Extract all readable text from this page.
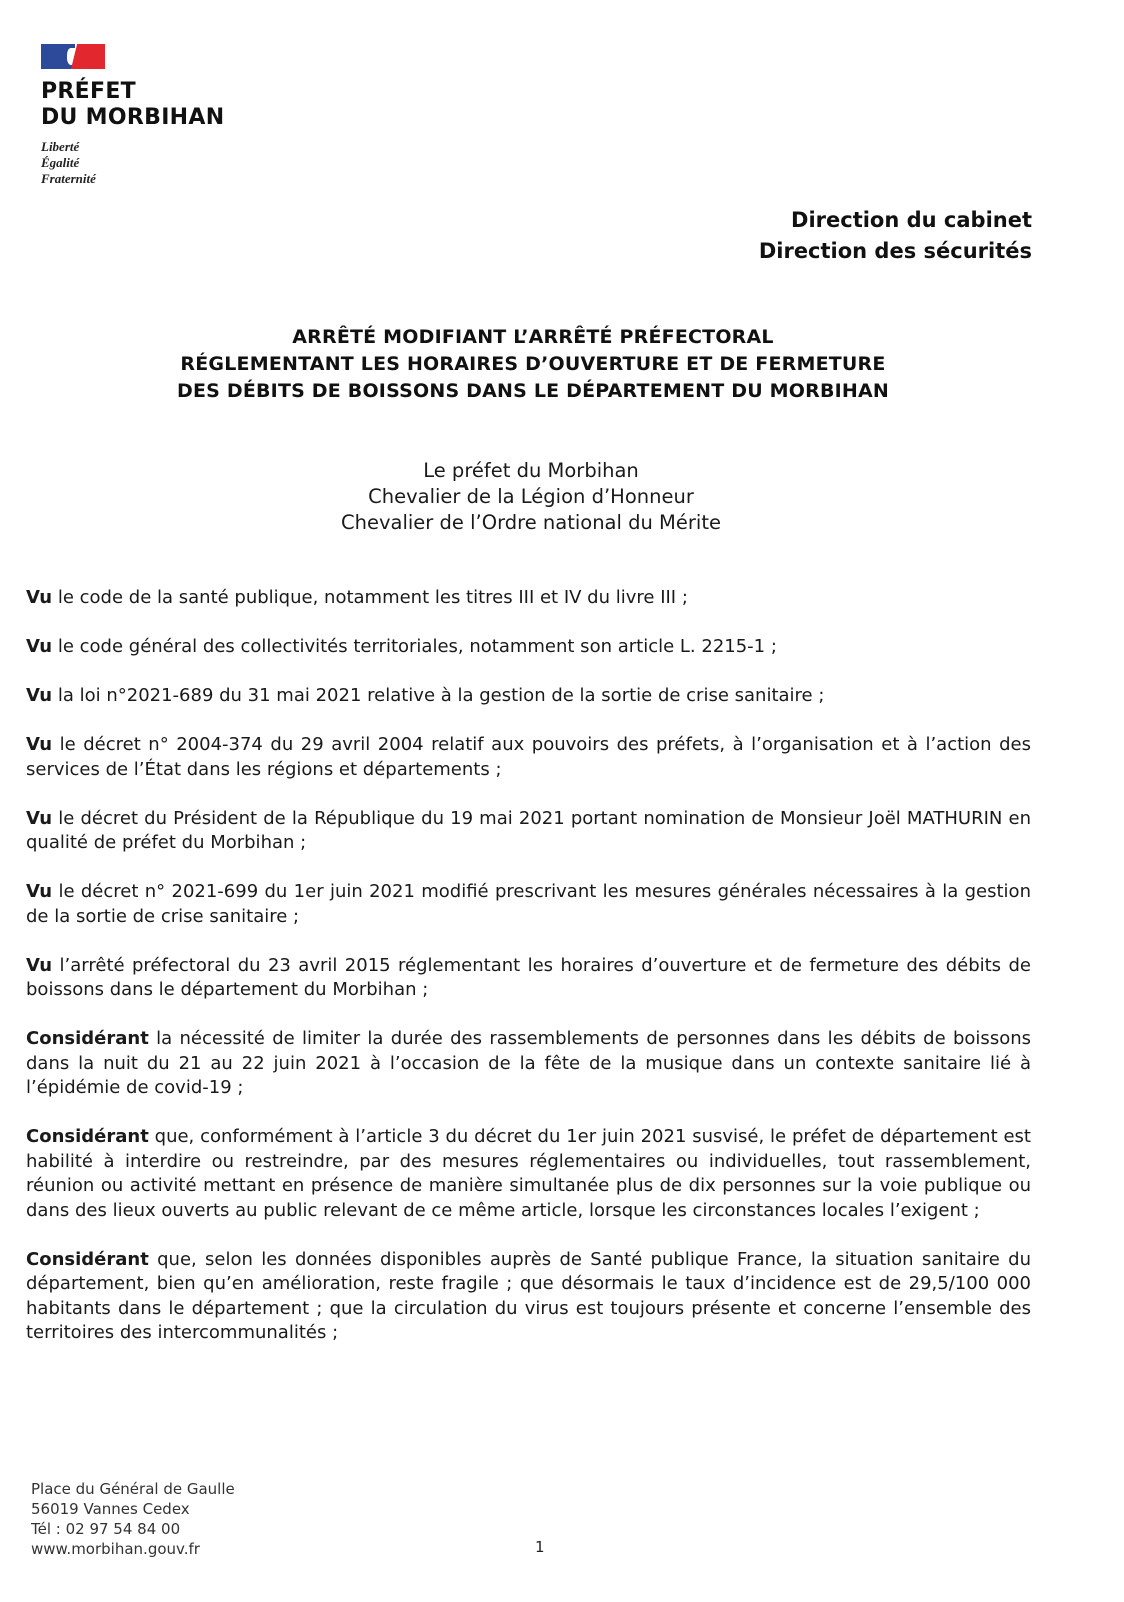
PRÉFET
DU MORBIHAN
Liberté
Égalité
Fraternité
Direction du cabinet
Direction des sécurités
ARRÊTÉ MODIFIANT L’ARRÊTÉ PRÉFECTORAL
RÉGLEMENTANT LES HORAIRES D’OUVERTURE ET DE FERMETURE
DES DÉBITS DE BOISSONS DANS LE DÉPARTEMENT DU MORBIHAN
Le préfet du Morbihan
Chevalier de la Légion d’Honneur
Chevalier de l’Ordre national du Mérite

Vu le code de la santé publique, notamment les titres III et IV du livre III ;

Vu le code général des collectivités territoriales, notamment son article L. 2215-1 ;

Vu la loi n°2021-689 du 31 mai 2021 relative à la gestion de la sortie de crise sanitaire ;

Vu le décret n° 2004-374 du 29 avril 2004 relatif aux pouvoirs des préfets, à l’organisation et à l’action des services de l’État dans les régions et départements ;

Vu le décret du Président de la République du 19 mai 2021 portant nomination de Monsieur Joël MATHURIN en qualité de préfet du Morbihan ;

Vu le décret n° 2021-699 du 1er juin 2021 modifié prescrivant les mesures générales nécessaires à la gestion de la sortie de crise sanitaire ;

Vu l’arrêté préfectoral du 23 avril 2015 réglementant les horaires d’ouverture et de fermeture des débits de boissons dans le département du Morbihan ;

Considérant la nécessité de limiter la durée des rassemblements de personnes dans les débits de boissons dans la nuit du 21 au 22 juin 2021 à l’occasion de la fête de la musique dans un contexte sanitaire lié à l’épidémie de covid-19 ;

Considérant que, conformément à l’article 3 du décret du 1er juin 2021 susvisé, le préfet de département est habilité à interdire ou restreindre, par des mesures réglementaires ou individuelles, tout rassemblement, réunion ou activité mettant en présence de manière simultanée plus de dix personnes sur la voie publique ou dans des lieux ouverts au public relevant de ce même article, lorsque les circonstances locales l’exigent ;

Considérant que, selon les données disponibles auprès de Santé publique France, la situation sanitaire du département, bien qu’en amélioration, reste fragile ; que désormais le taux d’incidence est de 29,5/100 000 habitants dans le département ; que la circulation du virus est toujours présente et concerne l’ensemble des territoires des intercommunalités ;

Place du Général de Gaulle
56019 Vannes Cedex
Tél : 02 97 54 84 00
www.morbihan.gouv.fr	1
